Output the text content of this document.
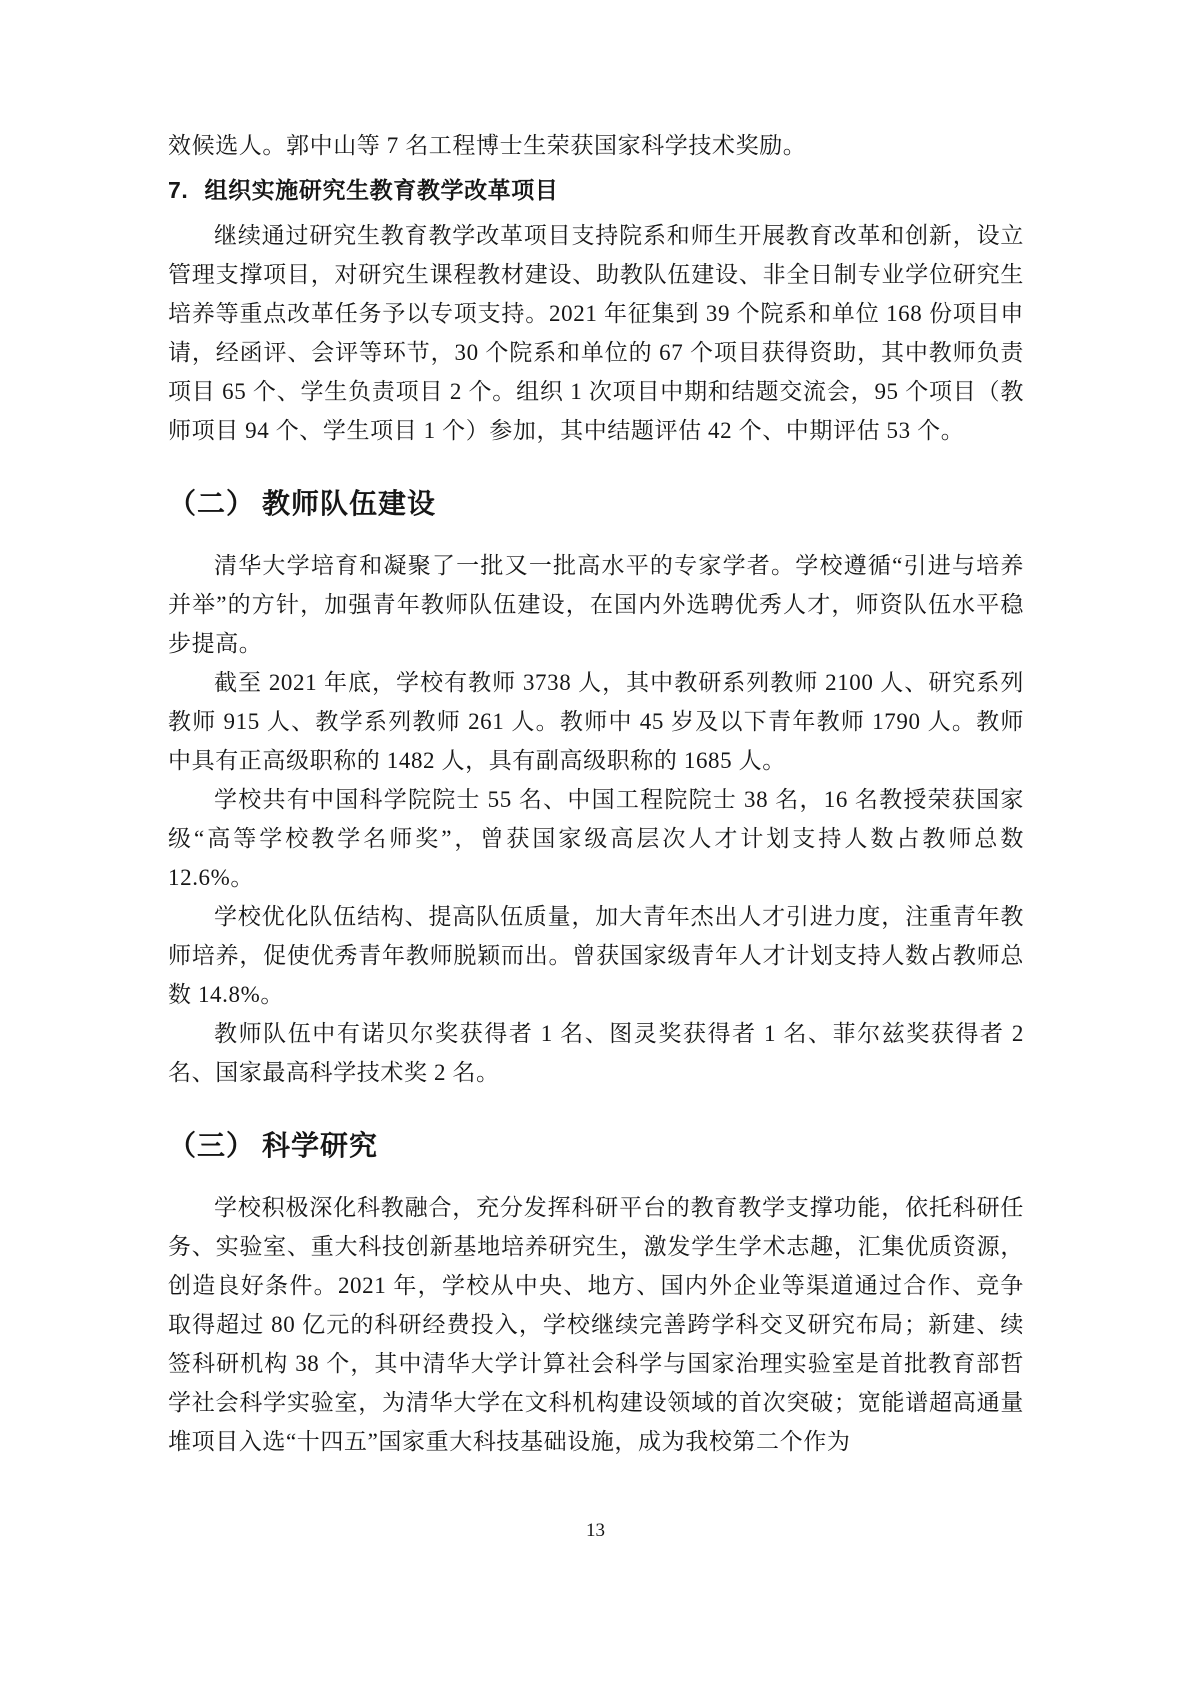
效候选人。郭中山等 7 名工程博士生荣获国家科学技术奖励。

7. 组织实施研究生教育教学改革项目

继续通过研究生教育教学改革项目支持院系和师生开展教育改革和创新，设立管理支撑项目，对研究生课程教材建设、助教队伍建设、非全日制专业学位研究生培养等重点改革任务予以专项支持。2021 年征集到 39 个院系和单位 168 份项目申请，经函评、会评等环节，30 个院系和单位的 67 个项目获得资助，其中教师负责项目 65 个、学生负责项目 2 个。组织 1 次项目中期和结题交流会，95 个项目（教师项目 94 个、学生项目 1 个）参加，其中结题评估 42 个、中期评估 53 个。

（二） 教师队伍建设

清华大学培育和凝聚了一批又一批高水平的专家学者。学校遵循“引进与培养并举”的方针，加强青年教师队伍建设，在国内外选聘优秀人才，师资队伍水平稳步提高。

截至 2021 年底，学校有教师 3738 人，其中教研系列教师 2100 人、研究系列教师 915 人、教学系列教师 261 人。教师中 45 岁及以下青年教师 1790 人。教师中具有正高级职称的 1482 人，具有副高级职称的 1685 人。

学校共有中国科学院院士 55 名、中国工程院院士 38 名，16 名教授荣获国家级“高等学校教学名师奖”，曾获国家级高层次人才计划支持人数占教师总数 12.6%。

学校优化队伍结构、提高队伍质量，加大青年杰出人才引进力度，注重青年教师培养，促使优秀青年教师脱颖而出。曾获国家级青年人才计划支持人数占教师总数 14.8%。

教师队伍中有诺贝尔奖获得者 1 名、图灵奖获得者 1 名、菲尔兹奖获得者 2 名、国家最高科学技术奖 2 名。

（三） 科学研究

学校积极深化科教融合，充分发挥科研平台的教育教学支撑功能，依托科研任务、实验室、重大科技创新基地培养研究生，激发学生学术志趣，汇集优质资源，创造良好条件。2021 年，学校从中央、地方、国内外企业等渠道通过合作、竞争取得超过 80 亿元的科研经费投入，学校继续完善跨学科交叉研究布局；新建、续签科研机构 38 个，其中清华大学计算社会科学与国家治理实验室是首批教育部哲学社会科学实验室，为清华大学在文科机构建设领域的首次突破；宽能谱超高通量堆项目入选“十四五”国家重大科技基础设施，成为我校第二个作为

13
